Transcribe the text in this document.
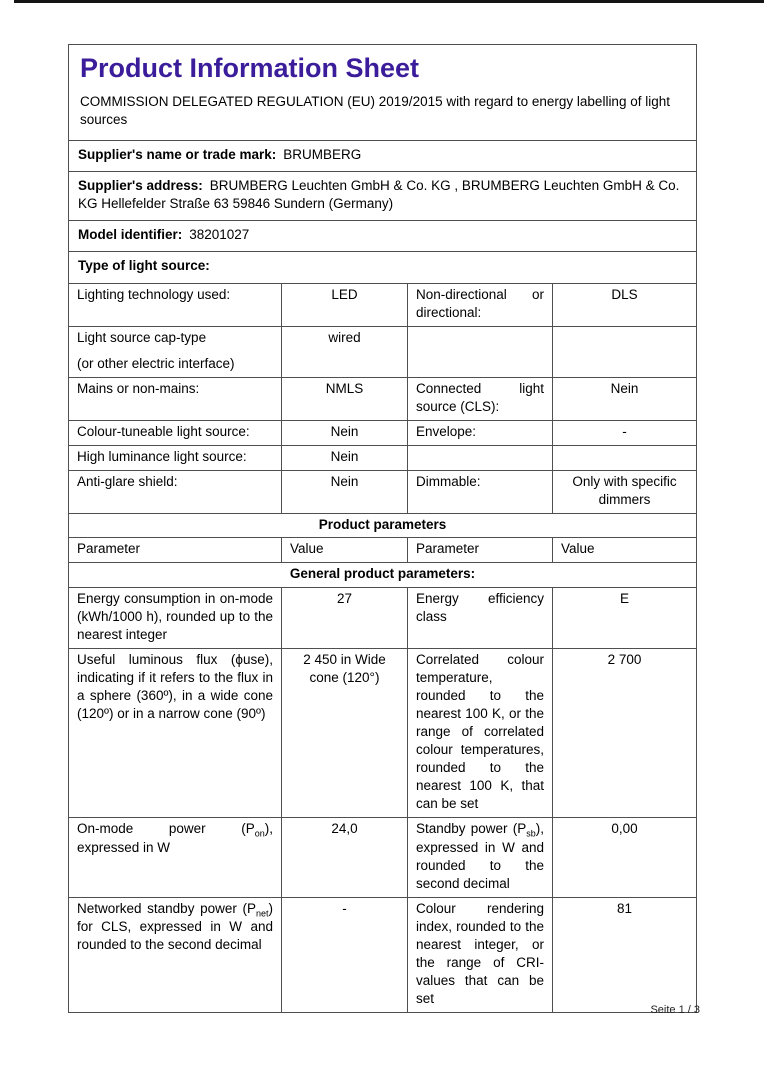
Product Information Sheet

COMMISSION DELEGATED REGULATION (EU) 2019/2015 with regard to energy labelling of light sources

Supplier's name or trade mark: BRUMBERG			
Supplier's address: BRUMBERG Leuchten GmbH & Co. KG , BRUMBERG Leuchten GmbH & Co. KG Hellefelder Straße 63 59846 Sundern (Germany)			
Model identifier: 38201027			
Type of light source:			

Lighting technology used:	LED	Non-directional or directional:	DLS

Light source cap-type
(or other electric interface)	wired		

Mains or non-mains:	NMLS	Connected light source (CLS):	Nein

Colour-tuneable light source:	Nein	Envelope:	-

High luminance light source:	Nein		

Anti-glare shield:	Nein	Dimmable:	Only with specific dimmers
Product parameters			
Parameter	Value	Parameter	Value
General product parameters:			

Energy consumption in on-mode (kWh/1000 h), rounded up to the nearest integer	27	Energy efficiency class	E

Useful luminous flux (ϕuse), indicating if it refers to the flux in a sphere (360º), in a wide cone (120º) or in a narrow cone (90º)	2 450 in Wide cone (120°)	Correlated colour temperature, rounded to the nearest 100 K, or the range of correlated colour temperatures, rounded to the nearest 100 K, that can be set	2 700

On-mode power $(P_{on})$, expressed in W	24,0	Standby power $(P_{sb})$, expressed in W and rounded to the second decimal	0,00

Networked standby power $(P_{net})$ for CLS, expressed in W and rounded to the second decimal	-	Colour rendering index, rounded to the nearest integer, or the range of CRI-values that can be set	81
Seite 1 / 3
